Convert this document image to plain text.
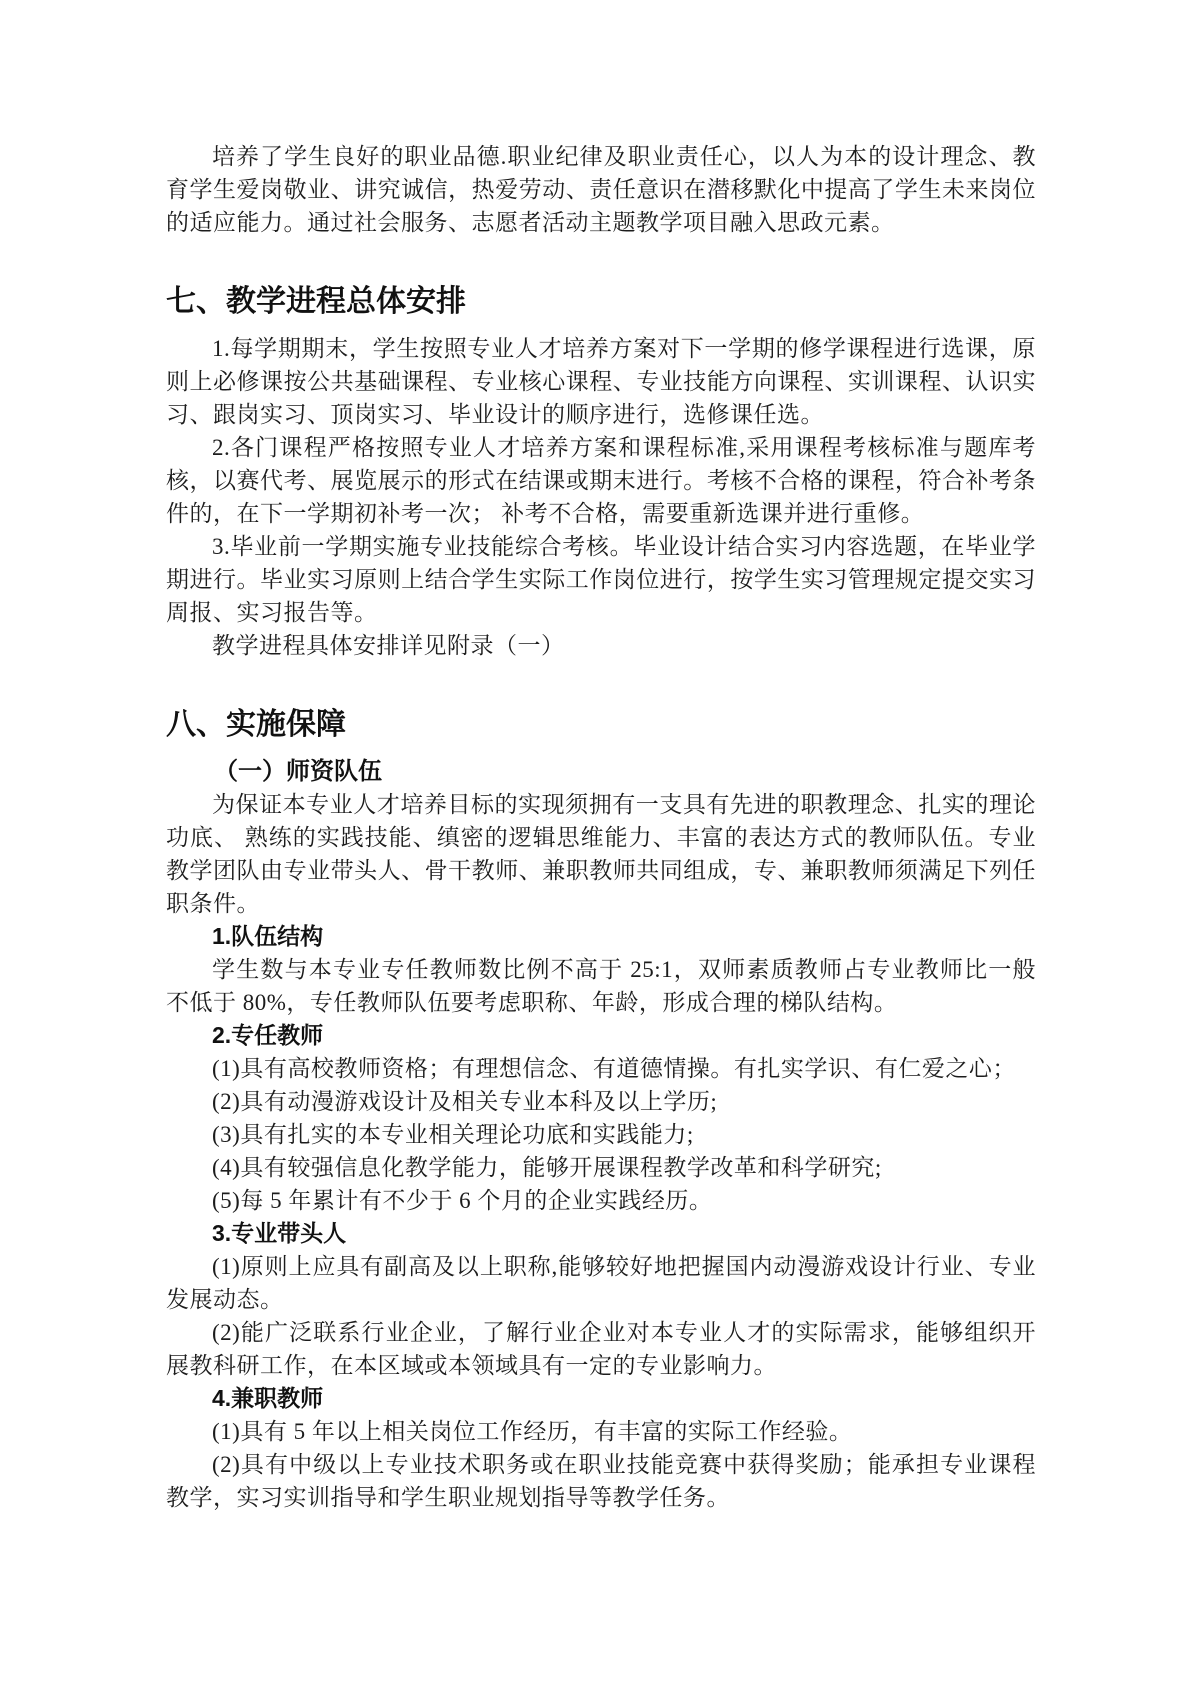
培养了学生良好的职业品德.职业纪律及职业责任心，以人为本的设计理念、教育学生爱岗敬业、讲究诚信，热爱劳动、责任意识在潜移默化中提高了学生未来岗位的适应能力。通过社会服务、志愿者活动主题教学项目融入思政元素。

七、教学进程总体安排

1.每学期期末，学生按照专业人才培养方案对下一学期的修学课程进行选课，原则上必修课按公共基础课程、专业核心课程、专业技能方向课程、实训课程、认识实习、跟岗实习、顶岗实习、毕业设计的顺序进行，选修课任选。

2.各门课程严格按照专业人才培养方案和课程标准,采用课程考核标准与题库考核，以赛代考、展览展示的形式在结课或期末进行。考核不合格的课程，符合补考条件的，在下一学期初补考一次； 补考不合格，需要重新选课并进行重修。

3.毕业前一学期实施专业技能综合考核。毕业设计结合实习内容选题，在毕业学期进行。毕业实习原则上结合学生实际工作岗位进行，按学生实习管理规定提交实习周报、实习报告等。

教学进程具体安排详见附录（一）

八、实施保障
（一）师资队伍

为保证本专业人才培养目标的实现须拥有一支具有先进的职教理念、扎实的理论功底、 熟练的实践技能、缜密的逻辑思维能力、丰富的表达方式的教师队伍。专业教学团队由专业带头人、骨干教师、兼职教师共同组成，专、兼职教师须满足下列任职条件。

1.队伍结构

学生数与本专业专任教师数比例不高于 25:1，双师素质教师占专业教师比一般不低于 80%，专任教师队伍要考虑职称、年龄，形成合理的梯队结构。

2.专任教师

(1)具有高校教师资格；有理想信念、有道德情操。有扎实学识、有仁爱之心；

(2)具有动漫游戏设计及相关专业本科及以上学历;

(3)具有扎实的本专业相关理论功底和实践能力;

(4)具有较强信息化教学能力，能够开展课程教学改革和科学研究;

(5)每 5 年累计有不少于 6 个月的企业实践经历。

3.专业带头人

(1)原则上应具有副高及以上职称,能够较好地把握国内动漫游戏设计行业、专业发展动态。

(2)能广泛联系行业企业，了解行业企业对本专业人才的实际需求，能够组织开展教科研工作，在本区域或本领域具有一定的专业影响力。

4.兼职教师

(1)具有 5 年以上相关岗位工作经历，有丰富的实际工作经验。

(2)具有中级以上专业技术职务或在职业技能竞赛中获得奖励；能承担专业课程教学，实习实训指导和学生职业规划指导等教学任务。
